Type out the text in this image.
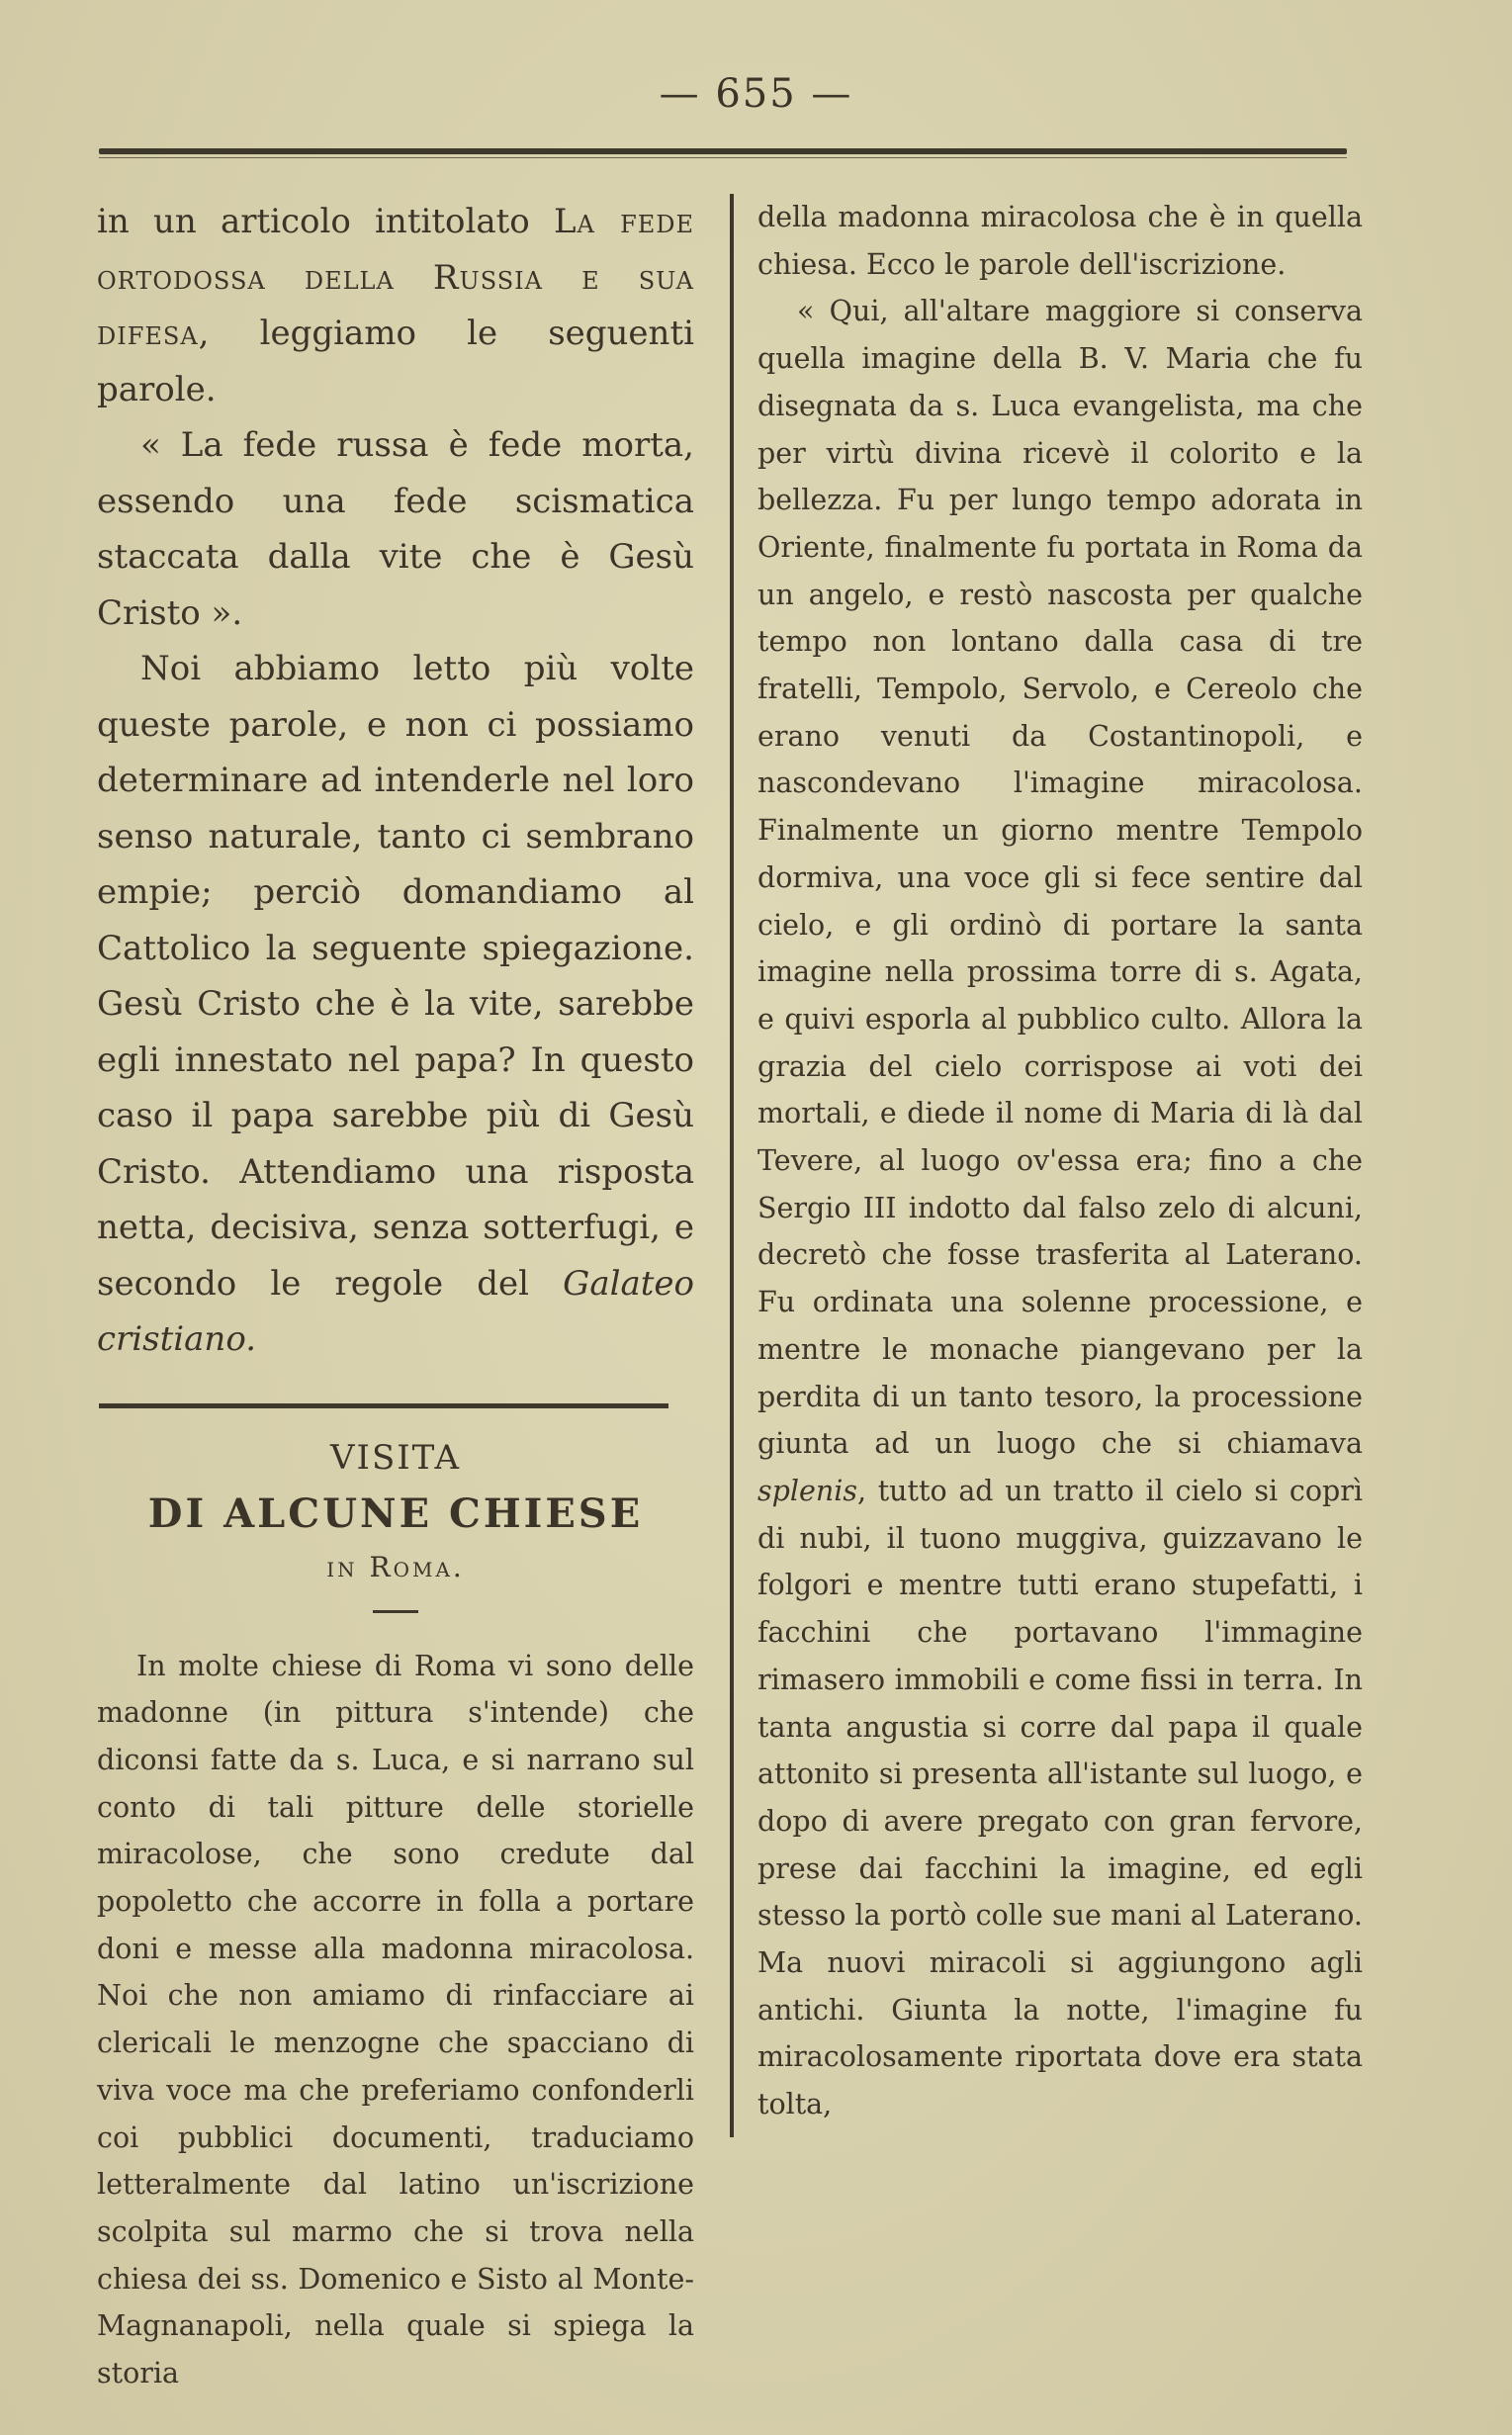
— 655 —

in un articolo intitolato La fede ortodossa della Russia e sua difesa, leggiamo le seguenti parole.

« La fede russa è fede morta, essendo una fede scismatica staccata dalla vite che è Gesù Cristo ».

Noi abbiamo letto più volte queste parole, e non ci possiamo determinare ad intenderle nel loro senso naturale, tanto ci sembrano empie; perciò domandiamo al Cattolico la seguente spiegazione. Gesù Cristo che è la vite, sarebbe egli innestato nel papa? In questo caso il papa sarebbe più di Gesù Cristo. Attendiamo una risposta netta, decisiva, senza sotterfugi, e secondo le regole del Galateo cristiano.

VISITA
DI ALCUNE CHIESE
in Roma.

In molte chiese di Roma vi sono delle madonne (in pittura s'intende) che diconsi fatte da s. Luca, e si narrano sul conto di tali pitture delle storielle miracolose, che sono credute dal popoletto che accorre in folla a portare doni e messe alla madonna miracolosa. Noi che non amiamo di rinfacciare ai clericali le menzogne che spacciano di viva voce ma che preferiamo confonderli coi pubblici documenti, traduciamo letteralmente dal latino un'iscrizione scolpita sul marmo che si trova nella chiesa dei ss. Domenico e Sisto al Monte-Magnanapoli, nella quale si spiega la storia

della madonna miracolosa che è in quella chiesa. Ecco le parole dell'iscrizione.

« Qui, all'altare maggiore si conserva quella imagine della B. V. Maria che fu disegnata da s. Luca evangelista, ma che per virtù divina ricevè il colorito e la bellezza. Fu per lungo tempo adorata in Oriente, finalmente fu portata in Roma da un angelo, e restò nascosta per qualche tempo non lontano dalla casa di tre fratelli, Tempolo, Servolo, e Cereolo che erano venuti da Costantinopoli, e nascondevano l'imagine miracolosa. Finalmente un giorno mentre Tempolo dormiva, una voce gli si fece sentire dal cielo, e gli ordinò di portare la santa imagine nella prossima torre di s. Agata, e quivi esporla al pubblico culto. Allora la grazia del cielo corrispose ai voti dei mortali, e diede il nome di Maria di là dal Tevere, al luogo ov'essa era; fino a che Sergio III indotto dal falso zelo di alcuni, decretò che fosse trasferita al Laterano. Fu ordinata una solenne processione, e mentre le monache piangevano per la perdita di un tanto tesoro, la processione giunta ad un luogo che si chiamava splenis, tutto ad un tratto il cielo si coprì di nubi, il tuono muggiva, guizzavano le folgori e mentre tutti erano stupefatti, i facchini che portavano l'immagine rimasero immobili e come fissi in terra. In tanta angustia si corre dal papa il quale attonito si presenta all'istante sul luogo, e dopo di avere pregato con gran fervore, prese dai facchini la imagine, ed egli stesso la portò colle sue mani al Laterano. Ma nuovi miracoli si aggiungono agli antichi. Giunta la notte, l'imagine fu miracolosamente riportata dove era stata tolta,
